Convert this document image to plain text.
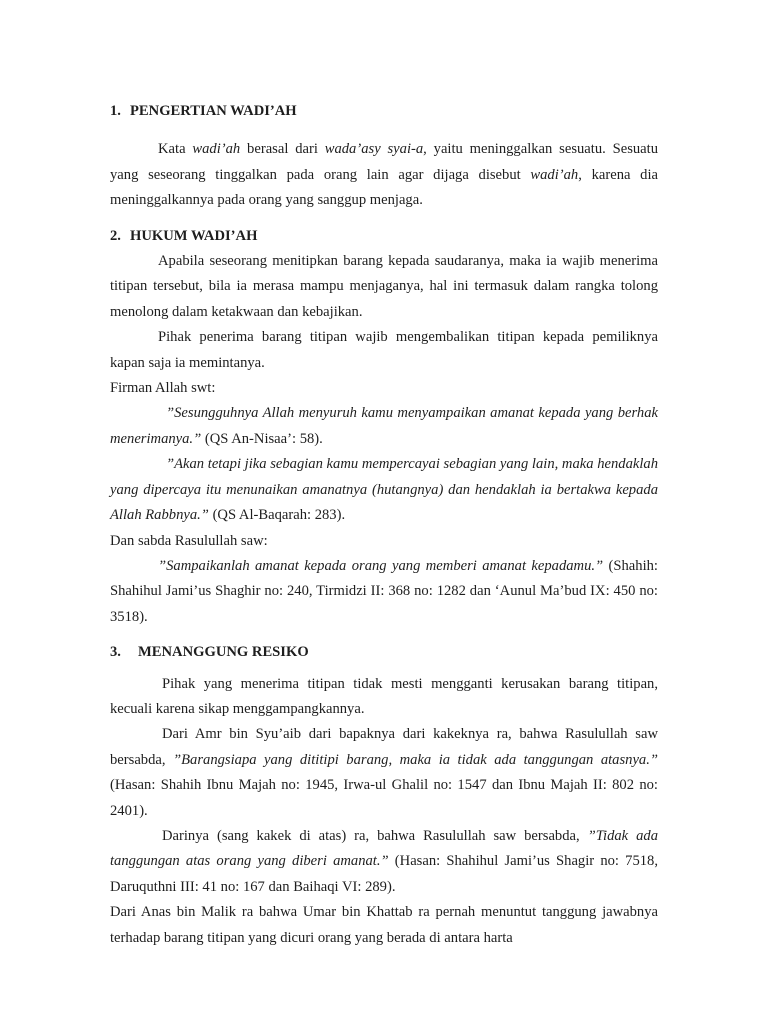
1. PENGERTIAN WADI’AH

Kata wadi’ah berasal dari wada’asy syai-a, yaitu meninggalkan sesuatu. Sesuatu yang seseorang tinggalkan pada orang lain agar dijaga disebut wadi’ah, karena dia meninggalkannya pada orang yang sanggup menjaga.

2. HUKUM WADI’AH

Apabila seseorang menitipkan barang kepada saudaranya, maka ia wajib menerima titipan tersebut, bila ia merasa mampu menjaganya, hal ini termasuk dalam rangka tolong menolong dalam ketakwaan dan kebajikan.

Pihak penerima barang titipan wajib mengembalikan titipan kepada pemiliknya kapan saja ia memintanya.

Firman Allah swt:

”Sesungguhnya Allah menyuruh kamu menyampaikan amanat kepada yang berhak menerimanya.” (QS An-Nisaa’: 58).

”Akan tetapi jika sebagian kamu mempercayai sebagian yang lain, maka hendaklah yang dipercaya itu menunaikan amanatnya (hutangnya) dan hendaklah ia bertakwa kepada Allah Rabbnya.” (QS Al-Baqarah: 283).

Dan sabda Rasulullah saw:

”Sampaikanlah amanat kepada orang yang memberi amanat kepadamu.” (Shahih: Shahihul Jami’us Shaghir no: 240, Tirmidzi II: 368 no: 1282 dan ‘Aunul Ma’bud IX: 450 no: 3518).

3. MENANGGUNG RESIKO

Pihak yang menerima titipan tidak mesti mengganti kerusakan barang titipan, kecuali karena sikap menggampangkannya.

Dari Amr bin Syu’aib dari bapaknya dari kakeknya ra, bahwa Rasulullah saw bersabda, ”Barangsiapa yang dititipi barang, maka ia tidak ada tanggungan atasnya.” (Hasan: Shahih Ibnu Majah no: 1945, Irwa-ul Ghalil no: 1547 dan Ibnu Majah II: 802 no: 2401).

Darinya (sang kakek di atas) ra, bahwa Rasulullah saw bersabda, ”Tidak ada tanggungan atas orang yang diberi amanat.” (Hasan: Shahihul Jami’us Shagir no: 7518, Daruquthni III: 41 no: 167 dan Baihaqi VI: 289).

Dari Anas bin Malik ra bahwa Umar bin Khattab ra pernah menuntut tanggung jawabnya terhadap barang titipan yang dicuri orang yang berada di antara harta
